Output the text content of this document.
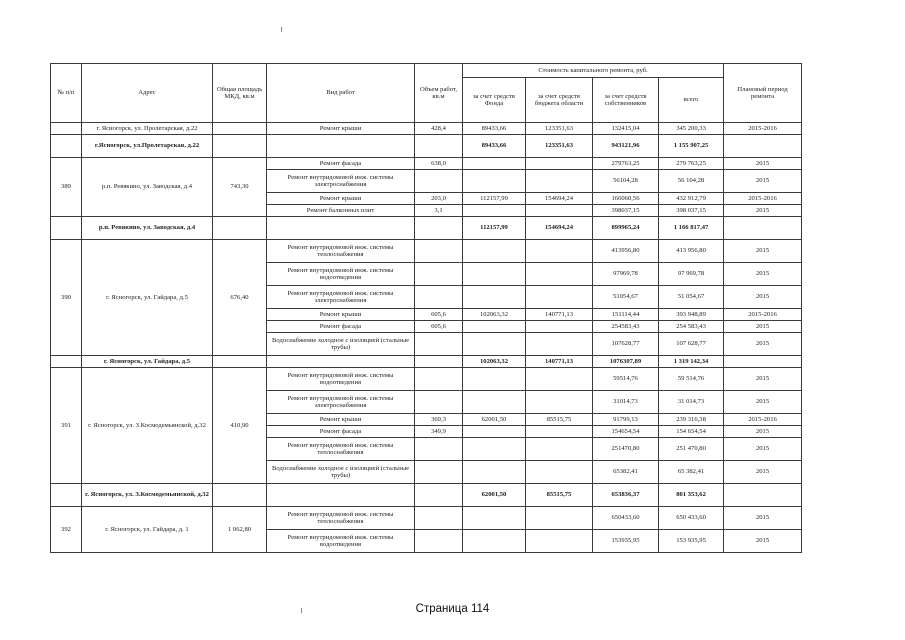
№ п/п	Адрес	Общая площадь МКД, кв.м	Вид работ	Объем работ, кв.м	Стоимость капитального ремонта, руб.				Плановый период ремонта
					за счет средств Фонда	за счет средств бюджета области	за счет средств собственников	всего	
	г. Ясногорск, ул. Пролетарская, д.22		Ремонт крыши	428,4	89433,66	123351,63	132415,04	345 200,33	2015-2016
	г.Ясногорск, ул.Пролетарская, д.22				89433,66	123351,63	943121,96	1 155 907,25	
389	р.п. Ревякино, ул. Заводская, д.4	743,30	Ремонт фасада	638,0			279763,25	279 763,25	2015
			Ремонт внутридомовой инж. системы электроснабжения				56104,28	56 104,28	2015
			Ремонт крыши	203,0	112157,99	154694,24	166060,56	432 912,79	2015-2016
			Ремонт балконных плит	3,1			398037,15	398 037,15	2015
	р.п. Ревякино, ул. Заводская, д.4				112157,99	154694,24	899965,24	1 166 817,47	
390	г. Ясногорск, ул. Гайдара, д.5	676,40	Ремонт внутридомовой инж. системы теплоснабжения				413956,80	413 956,80	2015
			Ремонт внутридомовой инж. системы водоотведения				97969,78	97 969,78	2015
			Ремонт внутридомовой инж. системы электроснабжения				51054,67	51 054,67	2015
			Ремонт крыши	605,6	102063,32	140771,13	151114,44	393 948,89	2015-2016
			Ремонт фасада	605,6			254583,43	254 583,43	2015
			Водоснабжение холодное с изоляцией (стальные трубы)				107628,77	107 628,77	2015
	г. Ясногорск, ул. Гайдара, д.5				102063,32	140771,13	1076307,89	1 319 142,34	
391	г. Ясногорск, ул. З.Космодемьянской, д.32	410,90	Ремонт внутридомовой инж. системы водоотведения				59514,76	59 514,76	2015
			Ремонт внутридомовой инж. системы электроснабжения				31014,73	31 014,73	2015
			Ремонт крыши	369,3	62001,50	85515,75	91799,13	239 316,38	2015-2016
			Ремонт фасада	349,9			154654,54	154 654,54	2015
			Ремонт внутридомовой инж. системы теплоснабжения				251470,80	251 470,80	2015
			Водоснабжение холодное с изоляцией (стальные трубы)				65382,41	65 382,41	2015
	г. Ясногорск, ул. З.Космодемьянской, д.32				62001,50	85515,75	653836,37	801 353,62	
392	г. Ясногорск, ул. Гайдара, д. 1	1 062,80	Ремонт внутридомовой инж. системы теплоснабжения				650433,60	650 433,60	2015
			Ремонт внутридомовой инж. системы водоотведения				153935,95	153 935,95	2015
Страница 114
